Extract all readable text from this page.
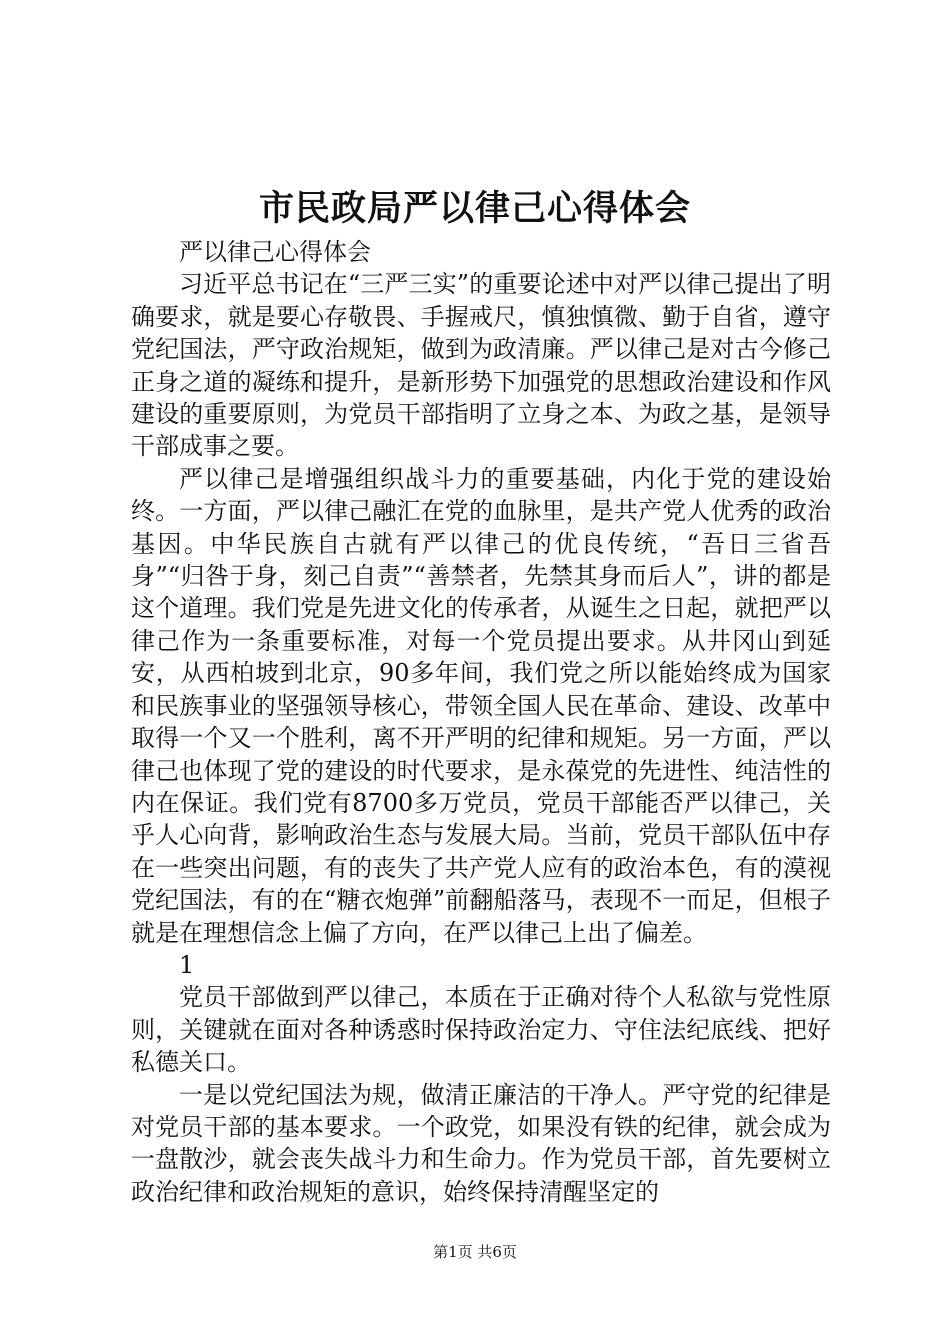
市民政局严以律己心得体会

严以律己心得体会

习近平总书记在“三严三实”的重要论述中对严以律己提出了明确要求，就是要心存敬畏、手握戒尺，慎独慎微、勤于自省，遵守党纪国法，严守政治规矩，做到为政清廉。严以律己是对古今修己正身之道的凝练和提升，是新形势下加强党的思想政治建设和作风建设的重要原则，为党员干部指明了立身之本、为政之基，是领导干部成事之要。

严以律己是增强组织战斗力的重要基础，内化于党的建设始终。一方面，严以律己融汇在党的血脉里，是共产党人优秀的政治基因。中华民族自古就有严以律己的优良传统，“吾日三省吾身”“归咎于身，刻己自责”“善禁者，先禁其身而后人”，讲的都是这个道理。我们党是先进文化的传承者，从诞生之日起，就把严以律己作为一条重要标准，对每一个党员提出要求。从井冈山到延安，从西柏坡到北京，90多年间，我们党之所以能始终成为国家和民族事业的坚强领导核心，带领全国人民在革命、建设、改革中取得一个又一个胜利，离不开严明的纪律和规矩。另一方面，严以律己也体现了党的建设的时代要求，是永葆党的先进性、纯洁性的内在保证。我们党有8700多万党员，党员干部能否严以律己，关乎人心向背，影响政治生态与发展大局。当前，党员干部队伍中存在一些突出问题，有的丧失了共产党人应有的政治本色，有的漠视党纪国法，有的在“糖衣炮弹”前翻船落马，表现不一而足，但根子就是在理想信念上偏了方向，在严以律己上出了偏差。

1

党员干部做到严以律己，本质在于正确对待个人私欲与党性原则，关键就在面对各种诱惑时保持政治定力、守住法纪底线、把好私德关口。

一是以党纪国法为规，做清正廉洁的干净人。严守党的纪律是对党员干部的基本要求。一个政党，如果没有铁的纪律，就会成为一盘散沙，就会丧失战斗力和生命力。作为党员干部，首先要树立政治纪律和政治规矩的意识，始终保持清醒坚定的

第1页 共6页
